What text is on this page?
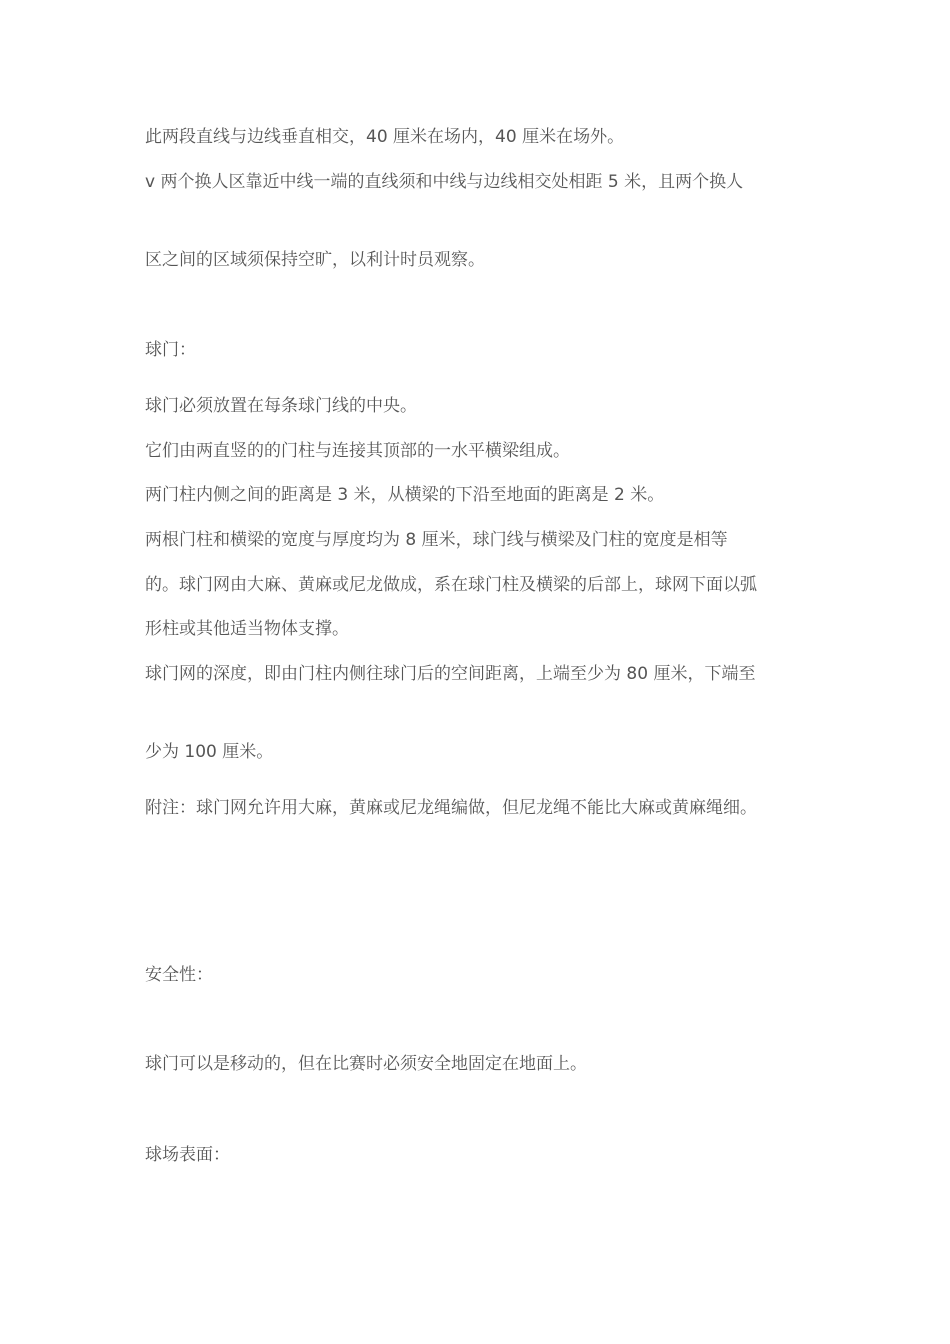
此两段直线与边线垂直相交，40 厘米在场内，40 厘米在场外。
v 两个换人区靠近中线一端的直线须和中线与边线相交处相距 5 米，且两个换人
区之间的区域须保持空旷，以利计时员观察。
球门：
球门必须放置在每条球门线的中央。
它们由两直竖的的门柱与连接其顶部的一水平横梁组成。
两门柱内侧之间的距离是 3 米，从横梁的下沿至地面的距离是 2 米。
两根门柱和横梁的宽度与厚度均为 8 厘米，球门线与横梁及门柱的宽度是相等
的。球门网由大麻、黄麻或尼龙做成，系在球门柱及横梁的后部上，球网下面以弧
形柱或其他适当物体支撑。
球门网的深度，即由门柱内侧往球门后的空间距离，上端至少为 80 厘米，下端至
少为 100 厘米。
附注：球门网允许用大麻，黄麻或尼龙绳编做，但尼龙绳不能比大麻或黄麻绳细。
安全性：
球门可以是移动的，但在比赛时必须安全地固定在地面上。
球场表面：
